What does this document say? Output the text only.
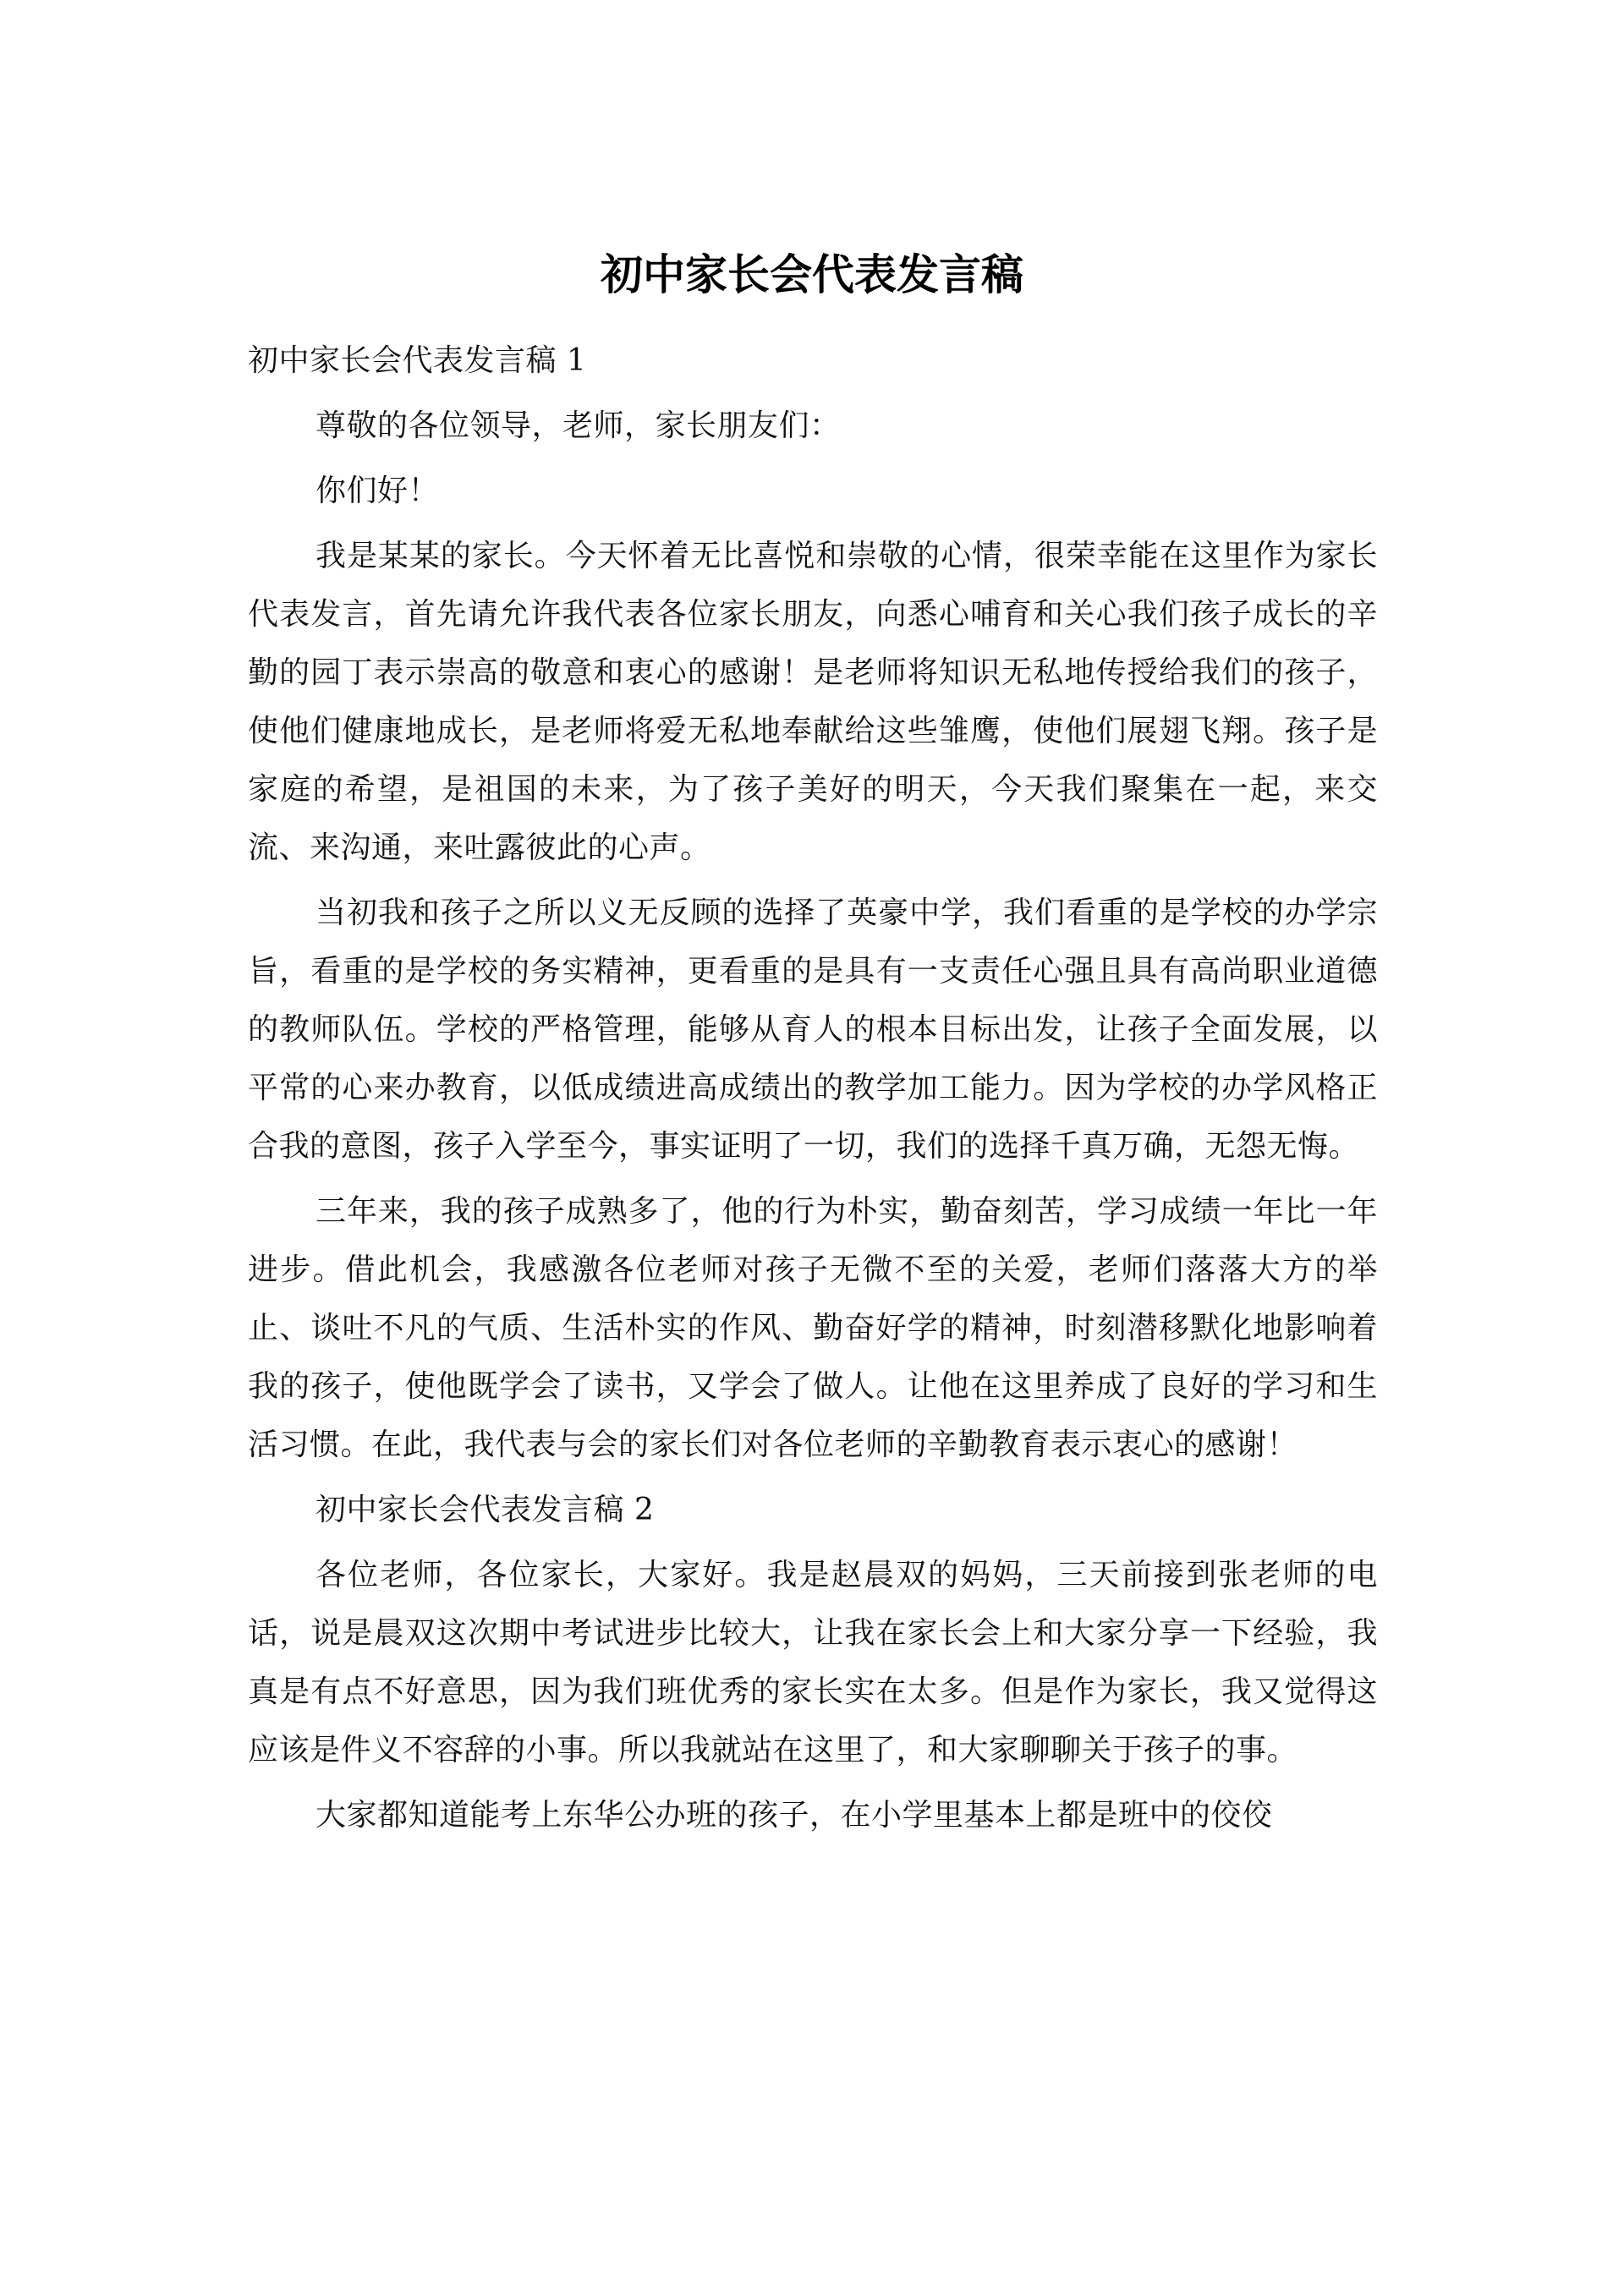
初中家长会代表发言稿

初中家长会代表发言稿 1

尊敬的各位领导，老师，家长朋友们：

你们好！

我是某某的家长。今天怀着无比喜悦和崇敬的心情，很荣幸能在这里作为家长代表发言，首先请允许我代表各位家长朋友，向悉心哺育和关心我们孩子成长的辛勤的园丁表示崇高的敬意和衷心的感谢！是老师将知识无私地传授给我们的孩子，使他们健康地成长，是老师将爱无私地奉献给这些雏鹰，使他们展翅飞翔。孩子是家庭的希望，是祖国的未来，为了孩子美好的明天，今天我们聚集在一起，来交流、来沟通，来吐露彼此的心声。

当初我和孩子之所以义无反顾的选择了英豪中学，我们看重的是学校的办学宗旨，看重的是学校的务实精神，更看重的是具有一支责任心强且具有高尚职业道德的教师队伍。学校的严格管理，能够从育人的根本目标出发，让孩子全面发展，以平常的心来办教育，以低成绩进高成绩出的教学加工能力。因为学校的办学风格正合我的意图，孩子入学至今，事实证明了一切，我们的选择千真万确，无怨无悔。

三年来，我的孩子成熟多了，他的行为朴实，勤奋刻苦，学习成绩一年比一年进步。借此机会，我感激各位老师对孩子无微不至的关爱，老师们落落大方的举止、谈吐不凡的气质、生活朴实的作风、勤奋好学的精神，时刻潜移默化地影响着我的孩子，使他既学会了读书，又学会了做人。让他在这里养成了良好的学习和生活习惯。在此，我代表与会的家长们对各位老师的辛勤教育表示衷心的感谢！

初中家长会代表发言稿 2

各位老师，各位家长，大家好。我是赵晨双的妈妈，三天前接到张老师的电话，说是晨双这次期中考试进步比较大，让我在家长会上和大家分享一下经验，我真是有点不好意思，因为我们班优秀的家长实在太多。但是作为家长，我又觉得这应该是件义不容辞的小事。所以我就站在这里了，和大家聊聊关于孩子的事。

大家都知道能考上东华公办班的孩子，在小学里基本上都是班中的佼佼
